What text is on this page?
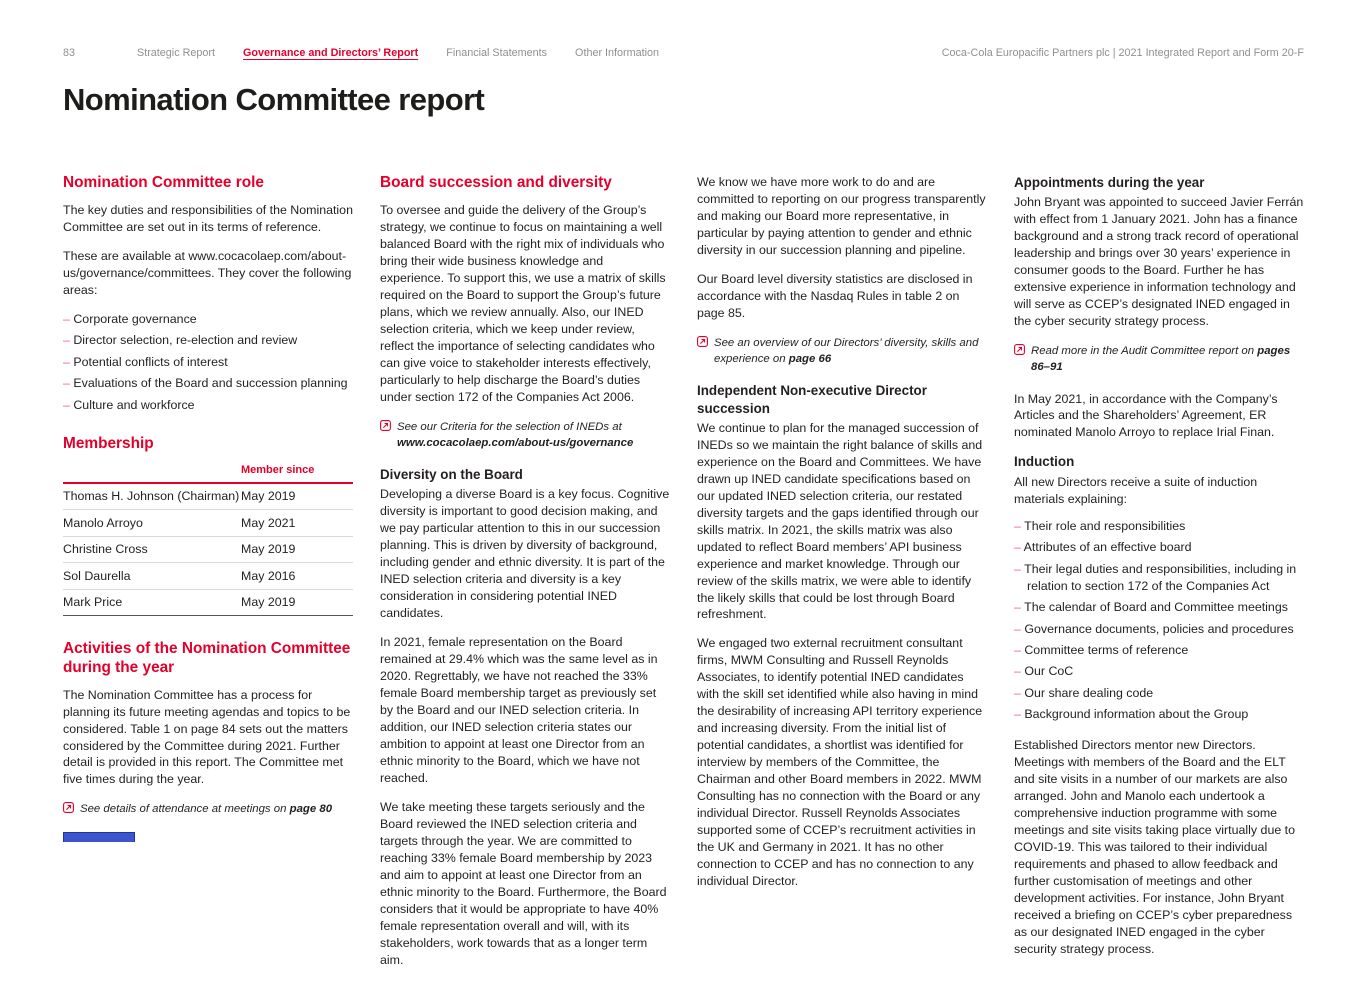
83	Strategic Report	Governance and Directors’ Report	Financial Statements	Other Information	Coca-Cola Europacific Partners plc | 2021 Integrated Report and Form 20-F
Nomination Committee report
Nomination Committee role

The key duties and responsibilities of the Nomination Committee are set out in its terms of reference.

These are available at www.cocacolaep.com/about-us/governance/committees. They cover the following areas:

– Corporate governance
– Director selection, re-election and review
– Potential conflicts of interest
– Evaluations of the Board and succession planning
– Culture and workforce
Membership
Member since
Thomas H. Johnson (Chairman) May 2019
Manolo Arroyo	May 2021
Christine Cross	May 2019
Sol Daurella	May 2016
Mark Price	May 2019
Activities of the Nomination Committee during the year

The Nomination Committee has a process for planning its future meeting agendas and topics to be considered. Table 1 on page 84 sets out the matters considered by the Committee during 2021. Further detail is provided in this report. The Committee met five times during the year.

See details of attendance at meetings on page 80
Board succession and diversity

To oversee and guide the delivery of the Group’s strategy, we continue to focus on maintaining a well balanced Board with the right mix of individuals who bring their wide business knowledge and experience. To support this, we use a matrix of skills required on the Board to support the Group’s future plans, which we review annually. Also, our INED selection criteria, which we keep under review, reflect the importance of selecting candidates who can give voice to stakeholder interests effectively, particularly to help discharge the Board’s duties under section 172 of the Companies Act 2006.

See our Criteria for the selection of INEDs at www.cocacolaep.com/about-us/governance
Diversity on the Board

Developing a diverse Board is a key focus. Cognitive diversity is important to good decision making, and we pay particular attention to this in our succession planning. This is driven by diversity of background, including gender and ethnic diversity. It is part of the INED selection criteria and diversity is a key consideration in considering potential INED candidates.

In 2021, female representation on the Board remained at 29.4% which was the same level as in 2020. Regrettably, we have not reached the 33% female Board membership target as previously set by the Board and our INED selection criteria. In addition, our INED selection criteria states our ambition to appoint at least one Director from an ethnic minority to the Board, which we have not reached.

We take meeting these targets seriously and the Board reviewed the INED selection criteria and targets through the year. We are committed to reaching 33% female Board membership by 2023 and aim to appoint at least one Director from an ethnic minority to the Board. Furthermore, the Board considers that it would be appropriate to have 40% female representation overall and will, with its stakeholders, work towards that as a longer term aim.

We know we have more work to do and are committed to reporting on our progress transparently and making our Board more representative, in particular by paying attention to gender and ethnic diversity in our succession planning and pipeline.

Our Board level diversity statistics are disclosed in accordance with the Nasdaq Rules in table 2 on page 85.

See an overview of our Directors’ diversity, skills and experience on page 66
Independent Non-executive Director succession

We continue to plan for the managed succession of INEDs so we maintain the right balance of skills and experience on the Board and Committees. We have drawn up INED candidate specifications based on our updated INED selection criteria, our restated diversity targets and the gaps identified through our skills matrix. In 2021, the skills matrix was also updated to reflect Board members’ API business experience and market knowledge. Through our review of the skills matrix, we were able to identify the likely skills that could be lost through Board refreshment.

We engaged two external recruitment consultant firms, MWM Consulting and Russell Reynolds Associates, to identify potential INED candidates with the skill set identified while also having in mind the desirability of increasing API territory experience and increasing diversity. From the initial list of potential candidates, a shortlist was identified for interview by members of the Committee, the Chairman and other Board members in 2022. MWM Consulting has no connection with the Board or any individual Director. Russell Reynolds Associates supported some of CCEP’s recruitment activities in the UK and Germany in 2021. It has no other connection to CCEP and has no connection to any individual Director.

Appointments during the year

John Bryant was appointed to succeed Javier Ferrán with effect from 1 January 2021. John has a finance background and a strong track record of operational leadership and brings over 30 years’ experience in consumer goods to the Board. Further he has extensive experience in information technology and will serve as CCEP’s designated INED engaged in the cyber security strategy process.

Read more in the Audit Committee report on pages 86–91

In May 2021, in accordance with the Company’s Articles and the Shareholders’ Agreement, ER nominated Manolo Arroyo to replace Irial Finan.

Induction

All new Directors receive a suite of induction materials explaining:

– Their role and responsibilities
– Attributes of an effective board
– Their legal duties and responsibilities, including in relation to section 172 of the Companies Act
– The calendar of Board and Committee meetings
– Governance documents, policies and procedures
– Committee terms of reference
– Our CoC
– Our share dealing code
– Background information about the Group

Established Directors mentor new Directors. Meetings with members of the Board and the ELT and site visits in a number of our markets are also arranged. John and Manolo each undertook a comprehensive induction programme with some meetings and site visits taking place virtually due to COVID-19. This was tailored to their individual requirements and phased to allow feedback and further customisation of meetings and other development activities. For instance, John Bryant received a briefing on CCEP’s cyber preparedness as our designated INED engaged in the cyber security strategy process.
